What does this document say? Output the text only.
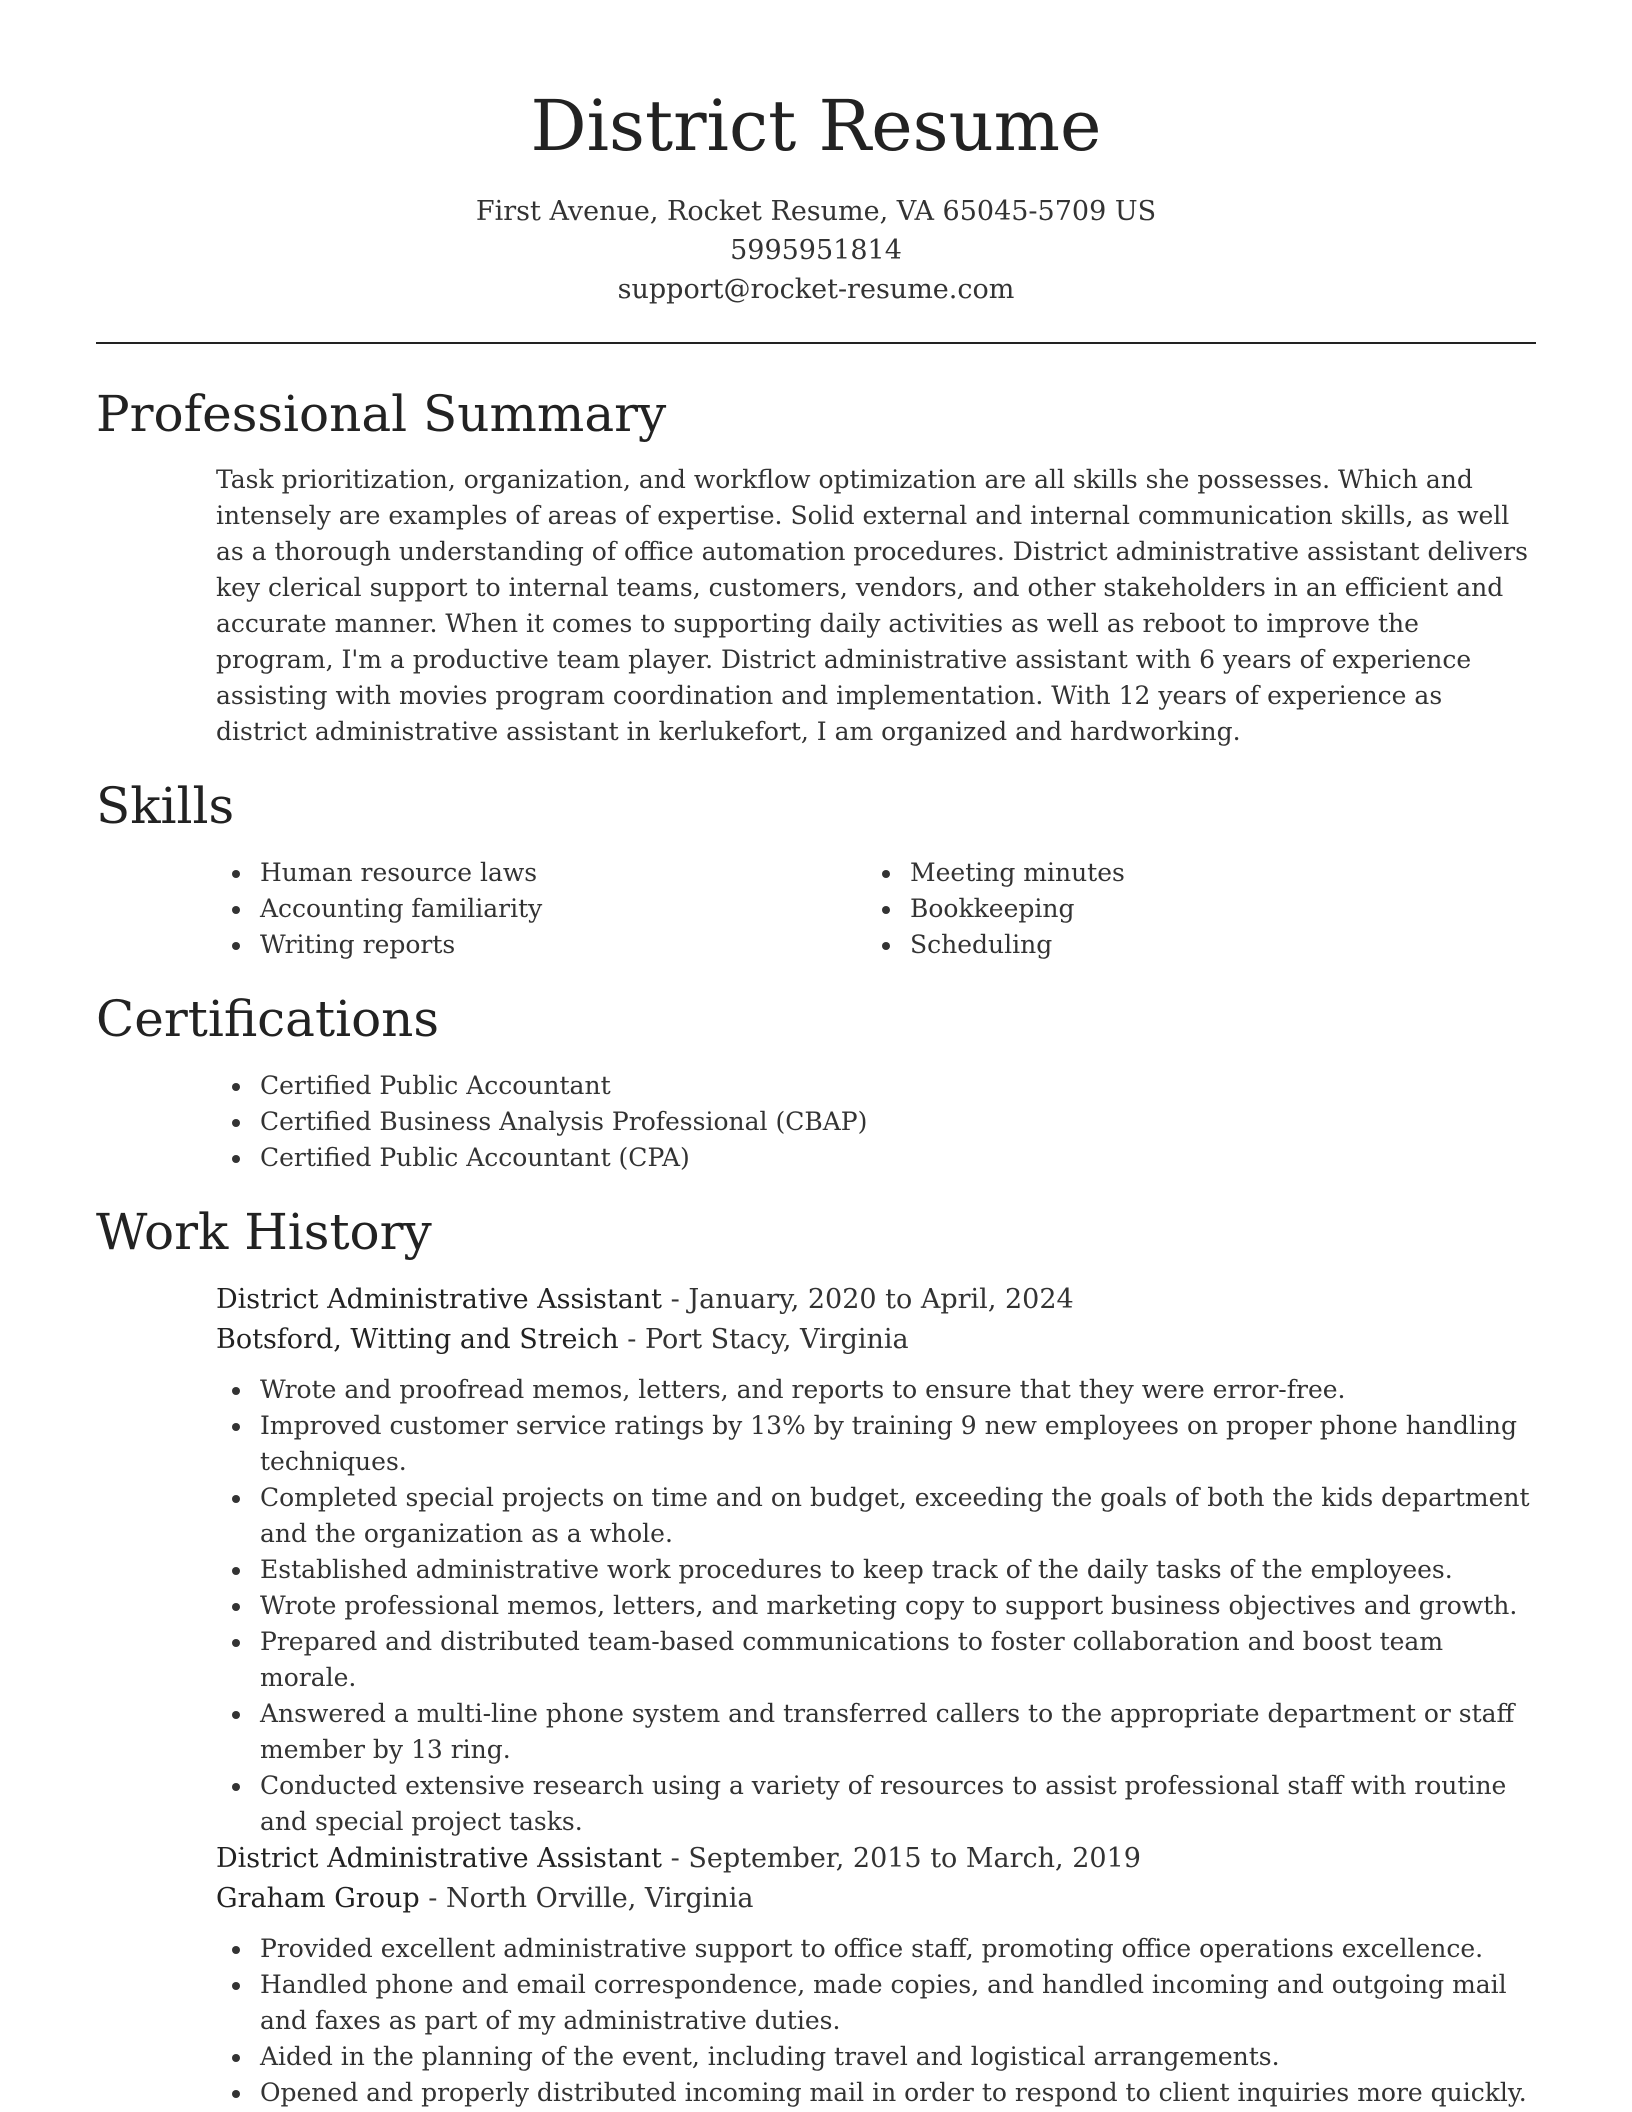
District Resume
First Avenue, Rocket Resume, VA 65045-5709 US
5995951814
support@rocket-resume.com
Professional Summary

Task prioritization, organization, and workflow optimization are all skills she possesses. Which and intensely are examples of areas of expertise. Solid external and internal communication skills, as well as a thorough understanding of office automation procedures. District administrative assistant delivers key clerical support to internal teams, customers, vendors, and other stakeholders in an efficient and accurate manner. When it comes to supporting daily activities as well as reboot to improve the program, I'm a productive team player. District administrative assistant with 6 years of experience assisting with movies program coordination and implementation. With 12 years of experience as district administrative assistant in kerlukefort, I am organized and hardworking.

Skills
Human resource laws
Accounting familiarity
Writing reports
Meeting minutes
Bookkeeping
Scheduling
Certifications
Certified Public Accountant
Certified Business Analysis Professional (CBAP)
Certified Public Accountant (CPA)
Work History
District Administrative Assistant - January, 2020 to April, 2024
Botsford, Witting and Streich - Port Stacy, Virginia
Wrote and proofread memos, letters, and reports to ensure that they were error-free.
Improved customer service ratings by 13% by training 9 new employees on proper phone handling techniques.
Completed special projects on time and on budget, exceeding the goals of both the kids department and the organization as a whole.
Established administrative work procedures to keep track of the daily tasks of the employees.
Wrote professional memos, letters, and marketing copy to support business objectives and growth.
Prepared and distributed team-based communications to foster collaboration and boost team morale.
Answered a multi-line phone system and transferred callers to the appropriate department or staff member by 13 ring.
Conducted extensive research using a variety of resources to assist professional staff with routine and special project tasks.
District Administrative Assistant - September, 2015 to March, 2019
Graham Group - North Orville, Virginia
Provided excellent administrative support to office staff, promoting office operations excellence.
Handled phone and email correspondence, made copies, and handled incoming and outgoing mail and faxes as part of my administrative duties.
Aided in the planning of the event, including travel and logistical arrangements.
Opened and properly distributed incoming mail in order to respond to client inquiries more quickly.
